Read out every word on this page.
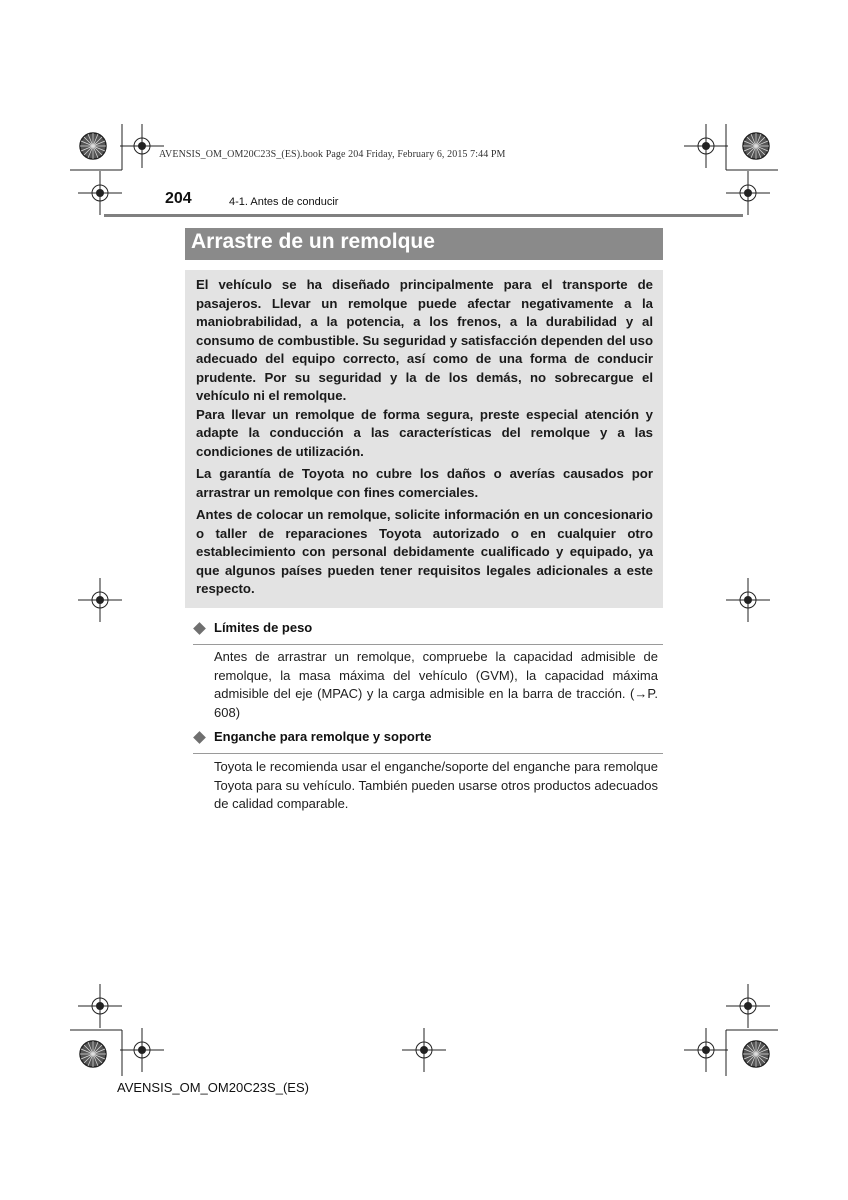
AVENSIS_OM_OM20C23S_(ES).book Page 204 Friday, February 6, 2015 7:44 PM
204	4-1. Antes de conducir
Arrastre de un remolque

El vehículo se ha diseñado principalmente para el transporte de pasajeros. Llevar un remolque puede afectar negativamente a la maniobrabilidad, a la potencia, a los frenos, a la durabilidad y al consumo de combustible. Su seguridad y satisfacción dependen del uso adecuado del equipo correcto, así como de una forma de conducir prudente. Por su seguridad y la de los demás, no sobrecargue el vehículo ni el remolque.

Para llevar un remolque de forma segura, preste especial atención y adapte la conducción a las características del remolque y a las condiciones de utilización.

La garantía de Toyota no cubre los daños o averías causados por arrastrar un remolque con fines comerciales.

Antes de colocar un remolque, solicite información en un concesionario o taller de reparaciones Toyota autorizado o en cualquier otro establecimiento con personal debidamente cualificado y equipado, ya que algunos países pueden tener requisitos legales adicionales a este respecto.

Límites de peso
Antes de arrastrar un remolque, compruebe la capacidad admisible de remolque, la masa máxima del vehículo (GVM), la capacidad máxima admisible del eje (MPAC) y la carga admisible en la barra de tracción. (→P. 608)
Enganche para remolque y soporte
Toyota le recomienda usar el enganche/soporte del enganche para remolque Toyota para su vehículo. También pueden usarse otros productos adecuados de calidad comparable.
AVENSIS_OM_OM20C23S_(ES)
